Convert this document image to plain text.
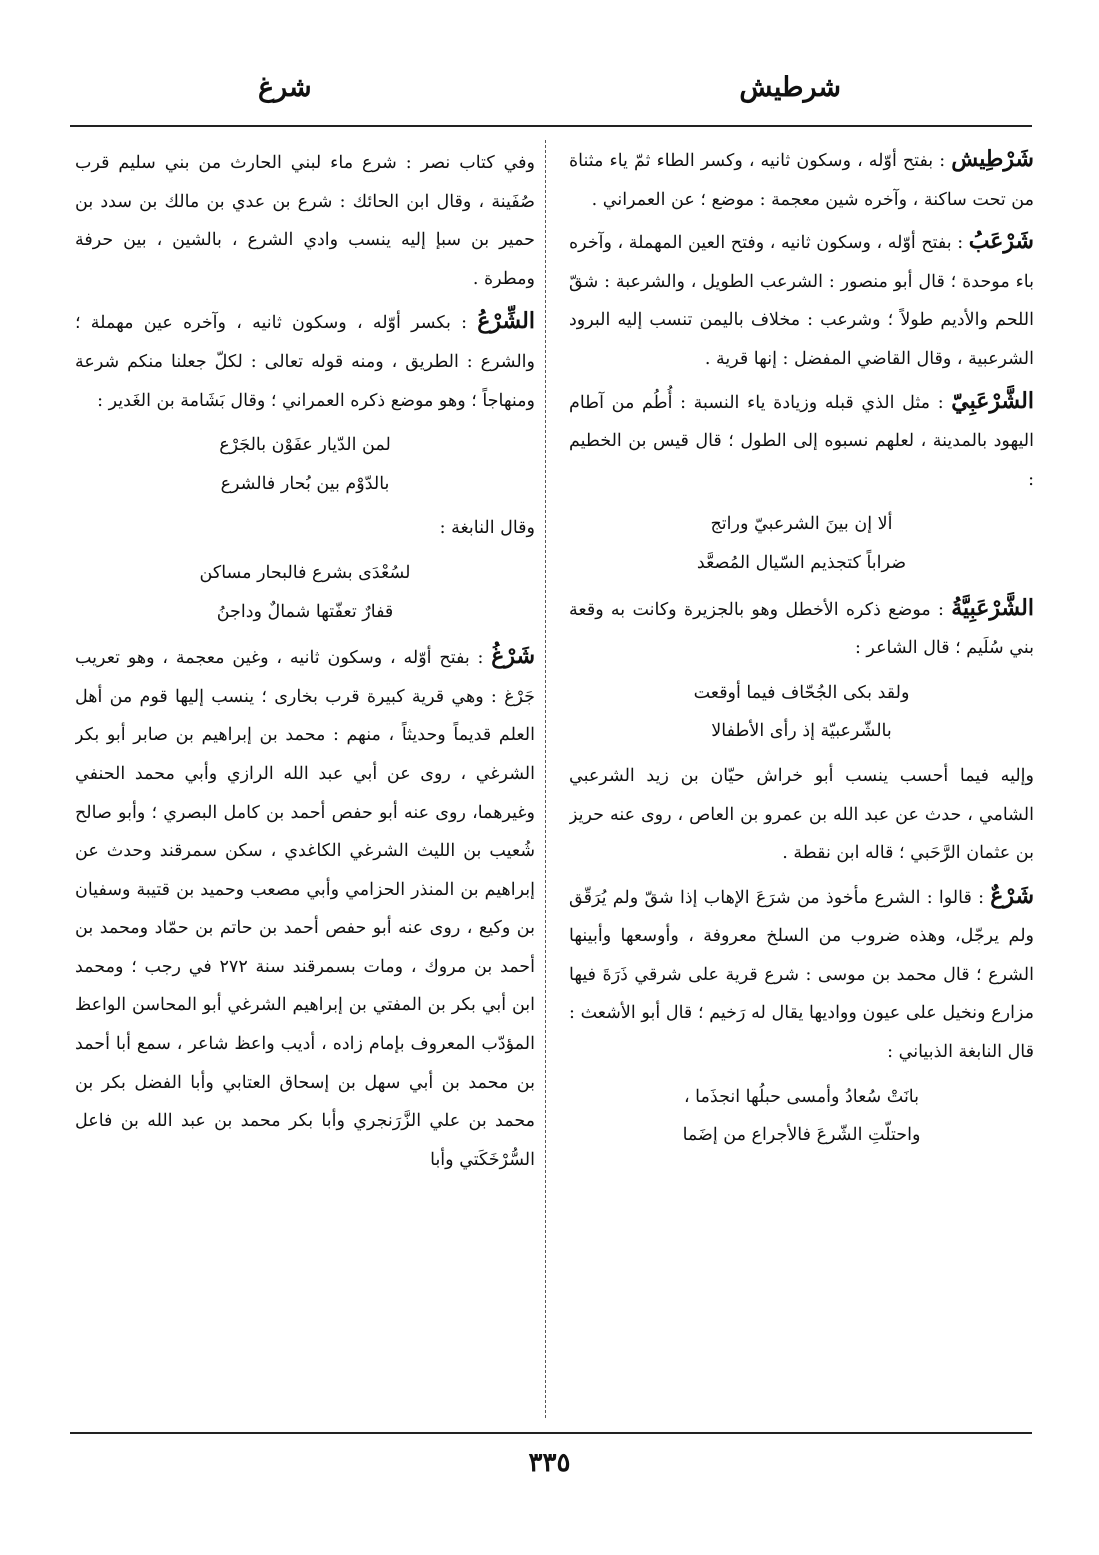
شرطيش
شرغ

شَرْطِيش : بفتح أوّله ، وسكون ثانيه ، وكسر الطاء ثمّ ياء مثناة من تحت ساكنة ، وآخره شين معجمة : موضع ؛ عن العمراني .

شَرْعَبُ : بفتح أوّله ، وسكون ثانيه ، وفتح العين المهملة ، وآخره باء موحدة ؛ قال أبو منصور : الشرعب الطويل ، والشرعبة : شقّ اللحم والأديم طولاً ؛ وشرعب : مخلاف باليمن تنسب إليه البرود الشرعبية ، وقال القاضي المفضل : إنها قرية .

الشَّرْعَبِيّ : مثل الذي قبله وزيادة ياء النسبة : أُطُم من آطام اليهود بالمدينة ، لعلهم نسبوه إلى الطول ؛ قال قيس بن الخطيم :

ألا إن بينَ الشرعبيّ وراتج
ضراباً كتجذيم السّيال المُصعَّد

الشَّرْعَبِيَّةُ : موضع ذكره الأخطل وهو بالجزيرة وكانت به وقعة بني سُلَيم ؛ قال الشاعر :

ولقد بكى الجُحّاف فيما أوقعت
بالشّرعبيّة إذ رأى الأطفالا

وإليه فيما أحسب ينسب أبو خراش حيّان بن زيد الشرعبي الشامي ، حدث عن عبد الله بن عمرو بن العاص ، روى عنه حريز بن عثمان الرَّحَبي ؛ قاله ابن نقطة .

شَرْعٌ : قالوا : الشرع مأخوذ من شرَعَ الإهاب إذا شقّ ولم يُرَقّق ولم يرجّل، وهذه ضروب من السلخ معروفة ، وأوسعها وأبينها الشرع ؛ قال محمد بن موسى : شرع قرية على شرقي ذَرَةَ فيها مزارع ونخيل على عيون وواديها يقال له رَخيم ؛ قال أبو الأشعث : قال النابغة الذبياني :

بانَتْ سُعادُ وأمسى حبلُها انجذَما ،
واحتلّتِ الشّرعَ فالأجراع من إضَما

وفي كتاب نصر : شرع ماء لبني الحارث من بني سليم قرب صُفَينة ، وقال ابن الحائك : شرع بن عدي بن مالك بن سدد بن حمير بن سبإ إليه ينسب وادي الشرع ، بالشين ، بين حرفة ومطرة .

الشِّرْعُ : بكسر أوّله ، وسكون ثانيه ، وآخره عين مهملة ؛ والشرع : الطريق ، ومنه قوله تعالى : لكلّ جعلنا منكم شرعة ومنهاجاً ؛ وهو موضع ذكره العمراني ؛ وقال بَشَامة بن الغَدير :

لمن الدّيار عفَوْن بالجَرْع
بالدّوْم بين بُحار فالشرع

وقال النابغة :

لسُعْدَى بشرع فالبحار مساكن
قفارٌ تعفّتها شمالٌ وداجنُ

شَرْغُ : بفتح أوّله ، وسكون ثانيه ، وغين معجمة ، وهو تعريب جَرْغ : وهي قرية كبيرة قرب بخارى ؛ ينسب إليها قوم من أهل العلم قديماً وحديثاً ، منهم : محمد بن إبراهيم بن صابر أبو بكر الشرغي ، روى عن أبي عبد الله الرازي وأبي محمد الحنفي وغيرهما، روى عنه أبو حفص أحمد بن كامل البصري ؛ وأبو صالح شُعيب بن الليث الشرغي الكاغدي ، سكن سمرقند وحدث عن إبراهيم بن المنذر الحزامي وأبي مصعب وحميد بن قتيبة وسفيان بن وكيع ، روى عنه أبو حفص أحمد بن حاتم بن حمّاد ومحمد بن أحمد بن مروك ، ومات بسمرقند سنة ٢٧٢ في رجب ؛ ومحمد ابن أبي بكر بن المفتي بن إبراهيم الشرغي أبو المحاسن الواعظ المؤدّب المعروف بإمام زاده ، أديب واعظ شاعر ، سمع أبا أحمد بن محمد بن أبي سهل بن إسحاق العتابي وأبا الفضل بكر بن محمد بن علي الزَّرَنجري وأبا بكر محمد بن عبد الله بن فاعل السُّرْخَكَتي وأبا

٣٣٥
